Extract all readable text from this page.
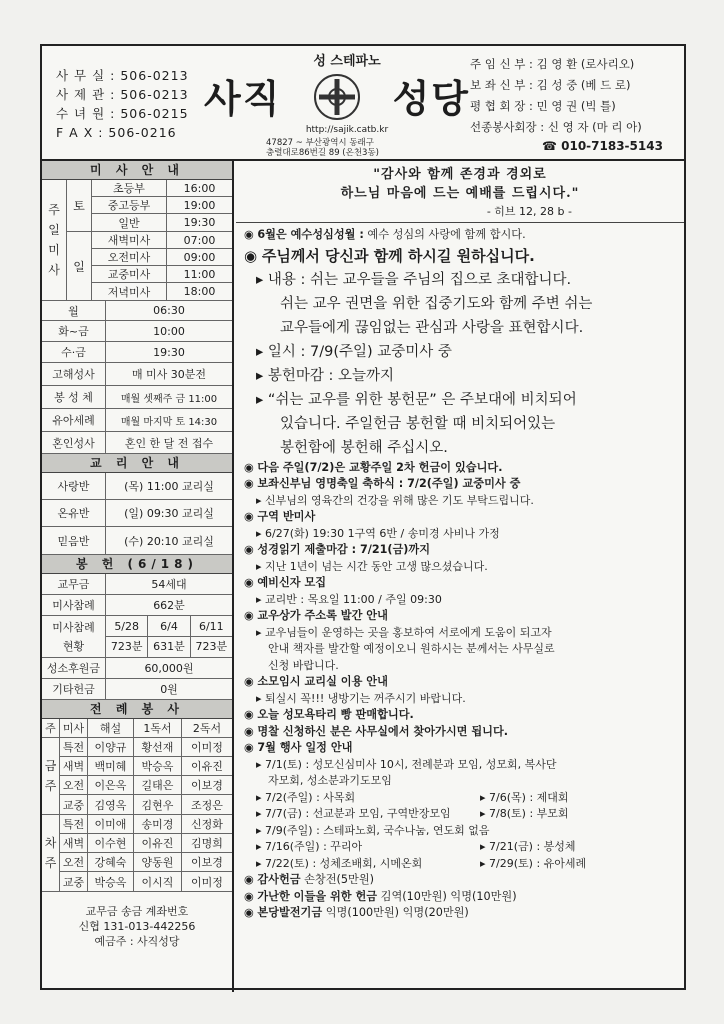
사 무 실 : 506-0213
사 제 관 : 506-0213
수 녀 원 : 506-0215
F A X : 506-0216
성 스테파노
사직	성당
http://sajik.catb.kr
47827 ~ 부산광역시 동래구
충렬대로86번길 89 (온천3동)
주 임 신 부 : 김 영 환 (로사리오)
보 좌 신 부 : 김 성 중 (베 드 로)
평 협 회 장 : 민 영 권 (빅 틀)
선종봉사회장 : 신 영 자 (마 리 아)
☎ 010-7183-5143
미 사 안 내
주
일
미
사
토
초등부	16:00
중고등부	19:00
일반	19:30
일
새벽미사	07:00
오전미사	09:00
교중미사	11:00
저녁미사	18:00
월	06:30
화~금	10:00
수·금	19:30
고해성사	매 미사 30분전
봉 성 체	매월 셋째주 금 11:00
유아세례	매월 마지막 토 14:30
혼인성사	혼인 한 달 전 접수
교 리 안 내
사랑반	(목) 11:00 교리실
온유반	(일) 09:30 교리실
믿음반	(수) 20:10 교리실
봉 헌 (6/18)
교무금	54세대
미사참례	662분
미사참례
현황
5/28	6/4	6/11
723분 631분 723분
성소후원금	60,000원
기타헌금	0원
전 례 봉 사
주 미사	해설	1독서	2독서
금
주
특전 이양규	황선재	이미정
새벽 백미혜	박승옥	이유진
오전 이은옥	길태은	이보경
교중 김영옥	김현우	조정은
차
주
특전 이미애	송미경	신정화
새벽 이수현	이유진	김명희
오전 강혜숙	양동원	이보경
교중 박승옥	이시직	이미정
교무금 송금 계좌번호
신협 131-013-442256
예금주 : 사직성당
"감사와 함께 존경과 경외로
하느님 마음에 드는 예배를 드립시다."
- 히브 12, 28 b -
◉ 6월은 예수성심성월 : 예수 성심의 사랑에 함께 합시다.
◉ 주님께서 당신과 함께 하시길 원하십니다.
▸ 내용 : 쉬는 교우들을 주님의 집으로 초대합니다.
쉬는 교우 권면을 위한 집중기도와 함께 주변 쉬는
교우들에게 끊임없는 관심과 사랑을 표현합시다.
▸ 일시 : 7/9(주일) 교중미사 중
▸ 봉헌마감 : 오늘까지
▸ “쉬는 교우를 위한 봉헌문” 은 주보대에 비치되어
있습니다. 주일헌금 봉헌할 때 비치되어있는
봉헌함에 봉헌해 주십시오.
◉ 다음 주일(7/2)은 교황주일 2차 헌금이 있습니다.
◉ 보좌신부님 영명축일 축하식 : 7/2(주일) 교중미사 중
▸ 신부님의 영육간의 건강을 위해 많은 기도 부탁드립니다.
◉ 구역 반미사
▸ 6/27(화) 19:30 1구역 6반 / 송미경 사비나 가정
◉ 성경읽기 제출마감 : 7/21(금)까지
▸ 지난 1년이 넘는 시간 동안 고생 많으셨습니다.
◉ 예비신자 모집
▸ 교리반 : 목요일 11:00 / 주일 09:30
◉ 교우상가 주소록 발간 안내
▸ 교우님들이 운영하는 곳을 홍보하여 서로에게 도움이 되고자
안내 책자를 발간할 예정이오니 원하시는 분께서는 사무실로
신청 바랍니다.
◉ 소모임시 교리실 이용 안내
▸ 퇴실시 꼭!!! 냉방기는 꺼주시기 바랍니다.
◉ 오늘 성모욕타리 빵 판매합니다.
◉ 명찰 신청하신 분은 사무실에서 찾아가시면 됩니다.
◉ 7월 행사 일정 안내
▸ 7/1(토) : 성모신심미사 10시, 전례분과 모임, 성모회, 복사단
자모회, 성소분과기도모임
▸ 7/2(주일) : 사목회	▸ 7/6(목) : 제대회
▸ 7/7(금) : 선교분과 모임, 구역반장모임	▸ 7/8(토) : 부모회
▸ 7/9(주일) : 스테파노회, 국수나눔, 연도회 없음
▸ 7/16(주일) : 꾸리아	▸ 7/21(금) : 봉성체
▸ 7/22(토) : 성체조배회, 시메온회	▸ 7/29(토) : 유아세례
◉ 감사헌금 손창전(5만원)
◉ 가난한 이들을 위한 헌금 김역(10만원) 익명(10만원)
◉ 본당발전기금 익명(100만원) 익명(20만원)
